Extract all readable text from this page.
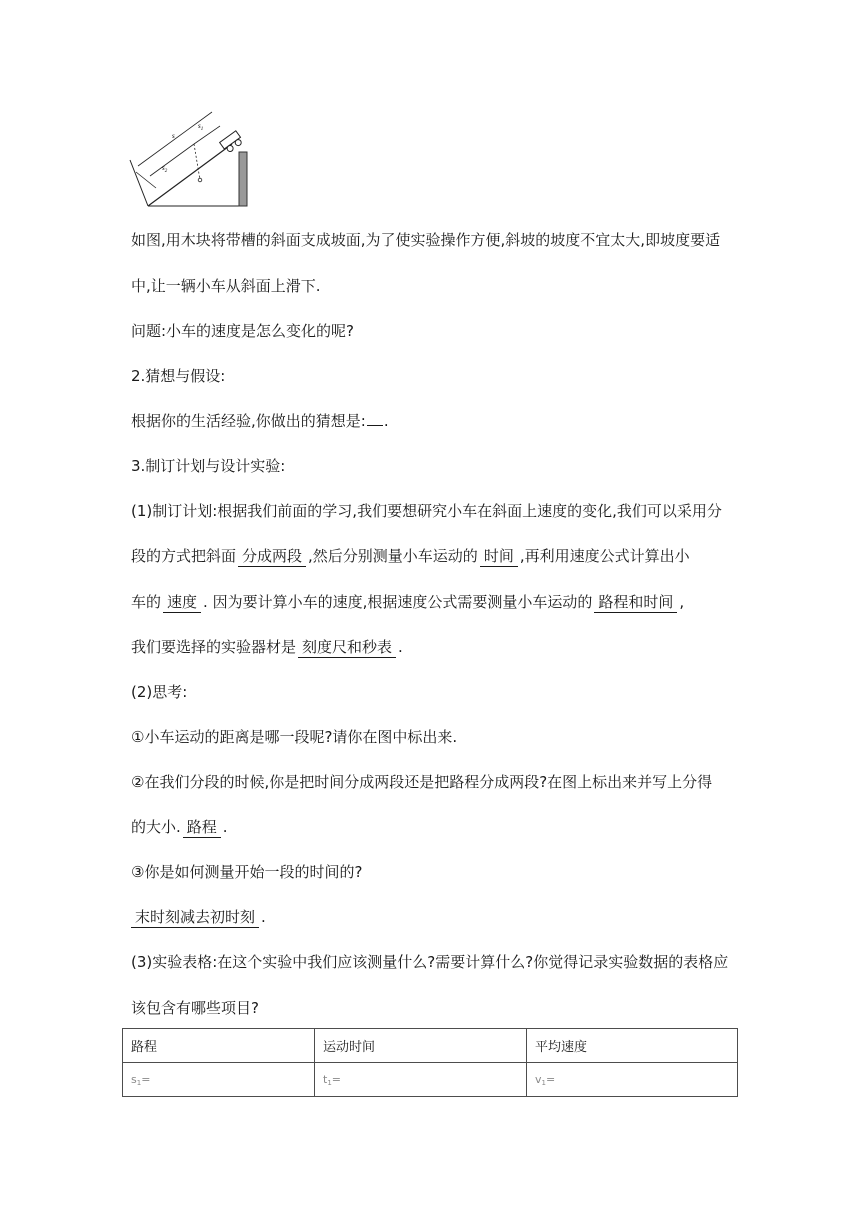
s
$s_1$
$s_2$
如图,用木块将带槽的斜面支成坡面,为了使实验操作方便,斜坡的坡度不宜太大,即坡度要适
中,让一辆小车从斜面上滑下.
问题:小车的速度是怎么变化的呢?
2.猜想与假设:
根据你的生活经验,你做出的猜想是: .
3.制订计划与设计实验:
(1)制订计划:根据我们前面的学习,我们要想研究小车在斜面上速度的变化,我们可以采用分
段的方式把斜面 分成两段 ,然后分别测量小车运动的 时间 ,再利用速度公式计算出小
车的 速度 . 因为要计算小车的速度,根据速度公式需要测量小车运动的 路程和时间 ,
我们要选择的实验器材是 刻度尺和秒表 .
(2)思考:
①小车运动的距离是哪一段呢?请你在图中标出来.
②在我们分段的时候,你是把时间分成两段还是把路程分成两段?在图上标出来并写上分得
的大小. 路程 .
③你是如何测量开始一段的时间的?
末时刻减去初时刻 .
(3)实验表格:在这个实验中我们应该测量什么?需要计算什么?你觉得记录实验数据的表格应
该包含有哪些项目?
路程	运动时间	平均速度
$s_1=$	$t_1=$	$v_1=$
